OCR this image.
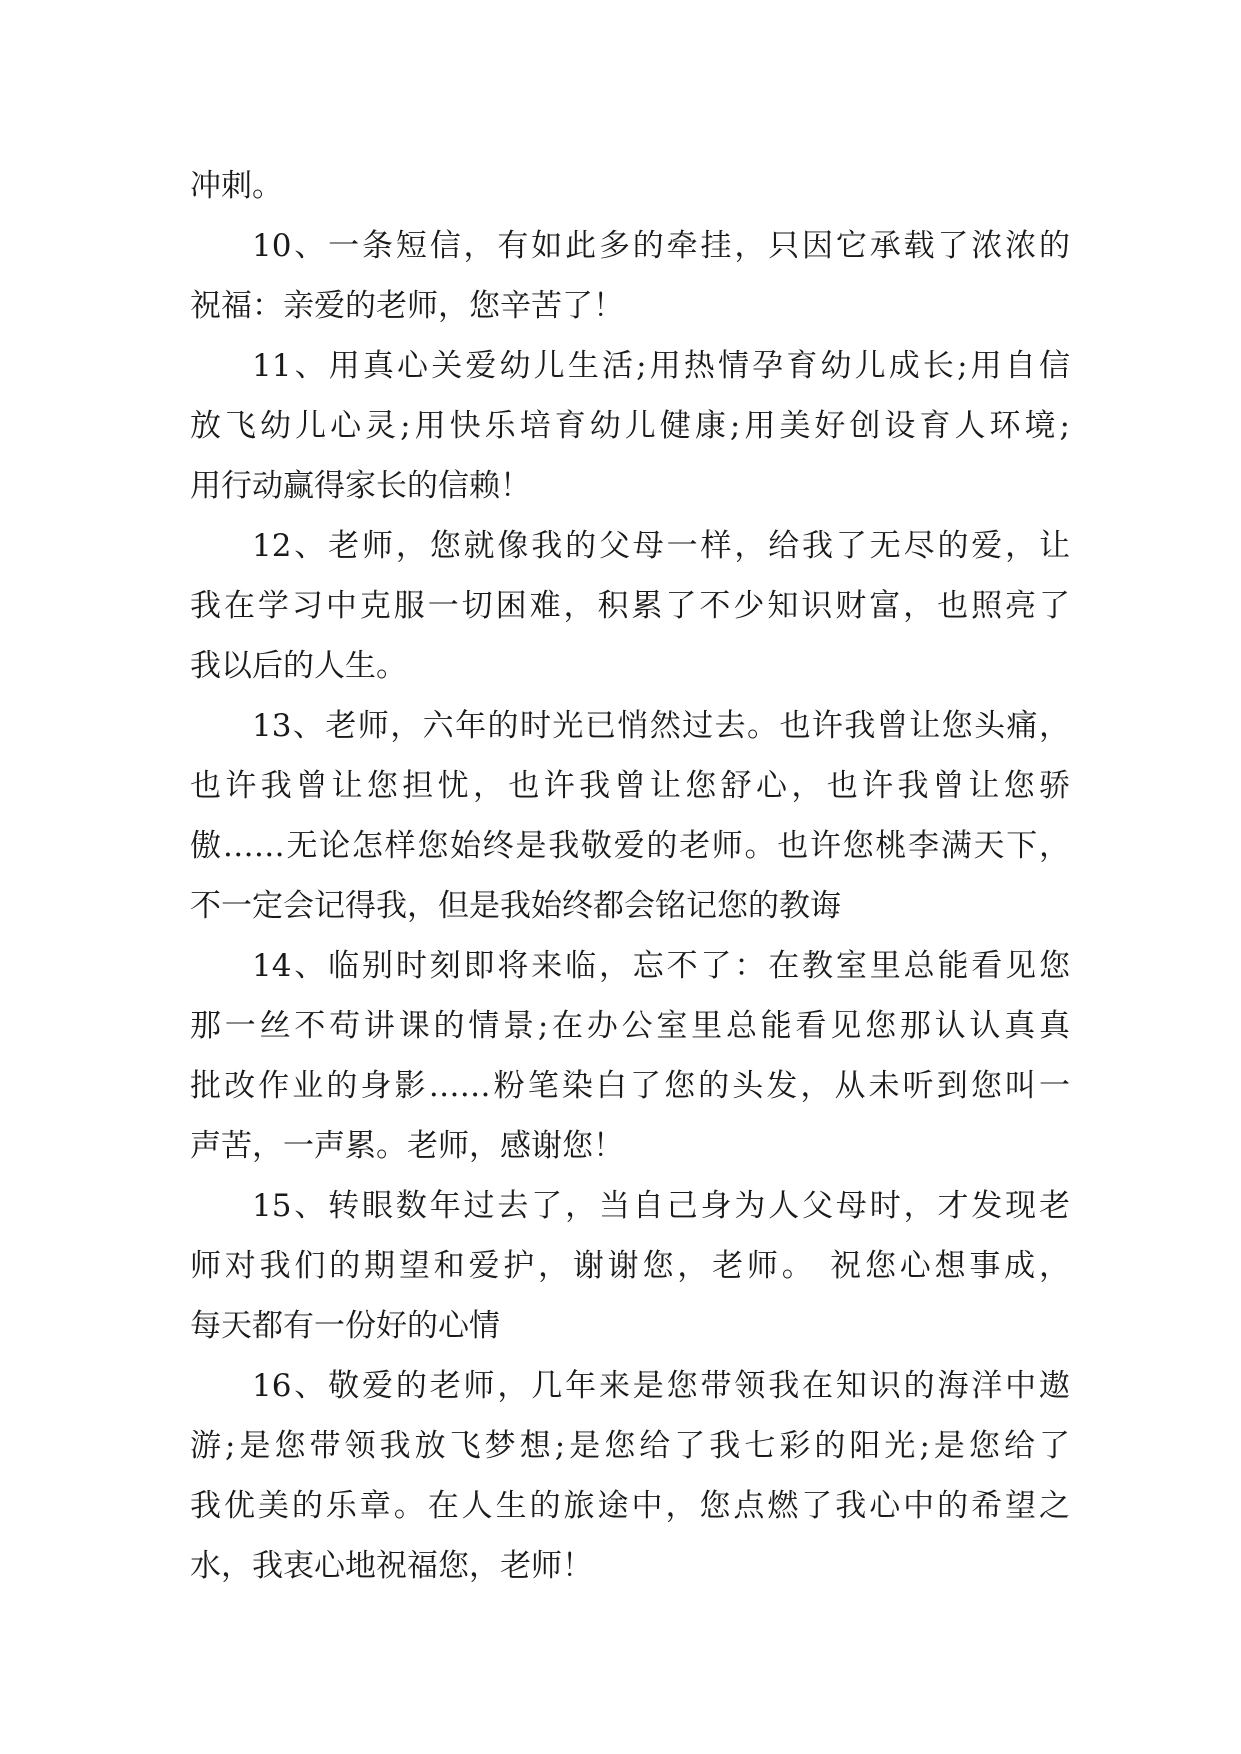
冲刺。
10、一条短信，有如此多的牵挂，只因它承载了浓浓的
祝福：亲爱的老师，您辛苦了！
11、用真心关爱幼儿生活;用热情孕育幼儿成长;用自信
放飞幼儿心灵;用快乐培育幼儿健康;用美好创设育人环境;
用行动赢得家长的信赖！
12、老师，您就像我的父母一样，给我了无尽的爱，让
我在学习中克服一切困难，积累了不少知识财富，也照亮了
我以后的人生。
13、老师，六年的时光已悄然过去。也许我曾让您头痛，
也许我曾让您担忧，也许我曾让您舒心，也许我曾让您骄
傲……无论怎样您始终是我敬爱的老师。也许您桃李满天下，
不一定会记得我，但是我始终都会铭记您的教诲
14、临别时刻即将来临，忘不了：在教室里总能看见您
那一丝不苟讲课的情景;在办公室里总能看见您那认认真真
批改作业的身影……粉笔染白了您的头发，从未听到您叫一
声苦，一声累。老师，感谢您！
15、转眼数年过去了，当自己身为人父母时，才发现老
师对我们的期望和爱护，谢谢您，老师。 祝您心想事成，
每天都有一份好的心情
16、敬爱的老师，几年来是您带领我在知识的海洋中遨
游;是您带领我放飞梦想;是您给了我七彩的阳光;是您给了
我优美的乐章。在人生的旅途中，您点燃了我心中的希望之
水，我衷心地祝福您，老师！
